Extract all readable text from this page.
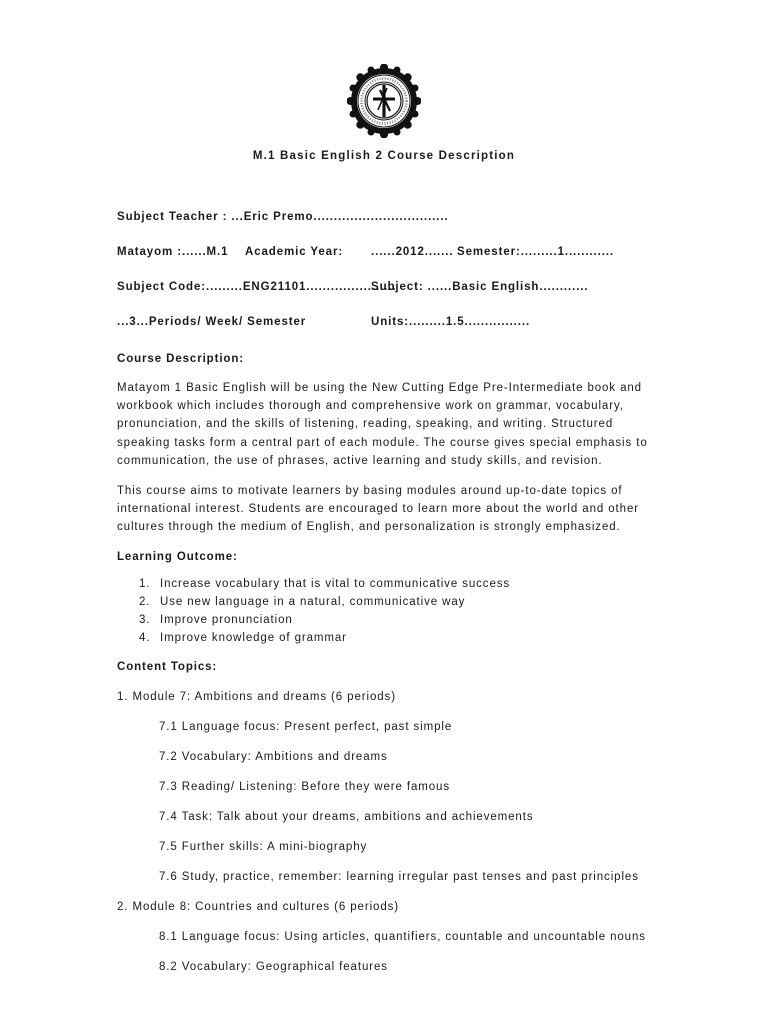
M.1 Basic English 2 Course Description
Subject Teacher : ...Eric Premo.................................
Matayom :......M.1 Academic Year: ......2012....... Semester:.........1............
Subject Code:.........ENG21101......................
Subject: ......Basic English............
...3...Periods/ Week/ Semester	Units:.........1.5................
Course Description:

Matayom 1 Basic English will be using the New Cutting Edge Pre-Intermediate book and workbook which includes thorough and comprehensive work on grammar, vocabulary, pronunciation, and the skills of listening, reading, speaking, and writing. Structured speaking tasks form a central part of each module. The course gives special emphasis to communication, the use of phrases, active learning and study skills, and revision.

This course aims to motivate learners by basing modules around up-to-date topics of international interest. Students are encouraged to learn more about the world and other cultures through the medium of English, and personalization is strongly emphasized.

Learning Outcome:
1. Increase vocabulary that is vital to communicative success
2. Use new language in a natural, communicative way
3. Improve pronunciation
4. Improve knowledge of grammar
Content Topics:
1. Module 7: Ambitions and dreams (6 periods)
7.1 Language focus: Present perfect, past simple
7.2 Vocabulary: Ambitions and dreams
7.3 Reading/ Listening: Before they were famous
7.4 Task: Talk about your dreams, ambitions and achievements
7.5 Further skills: A mini-biography
7.6 Study, practice, remember: learning irregular past tenses and past principles
2. Module 8: Countries and cultures (6 periods)
8.1 Language focus: Using articles, quantifiers, countable and uncountable nouns
8.2 Vocabulary: Geographical features
